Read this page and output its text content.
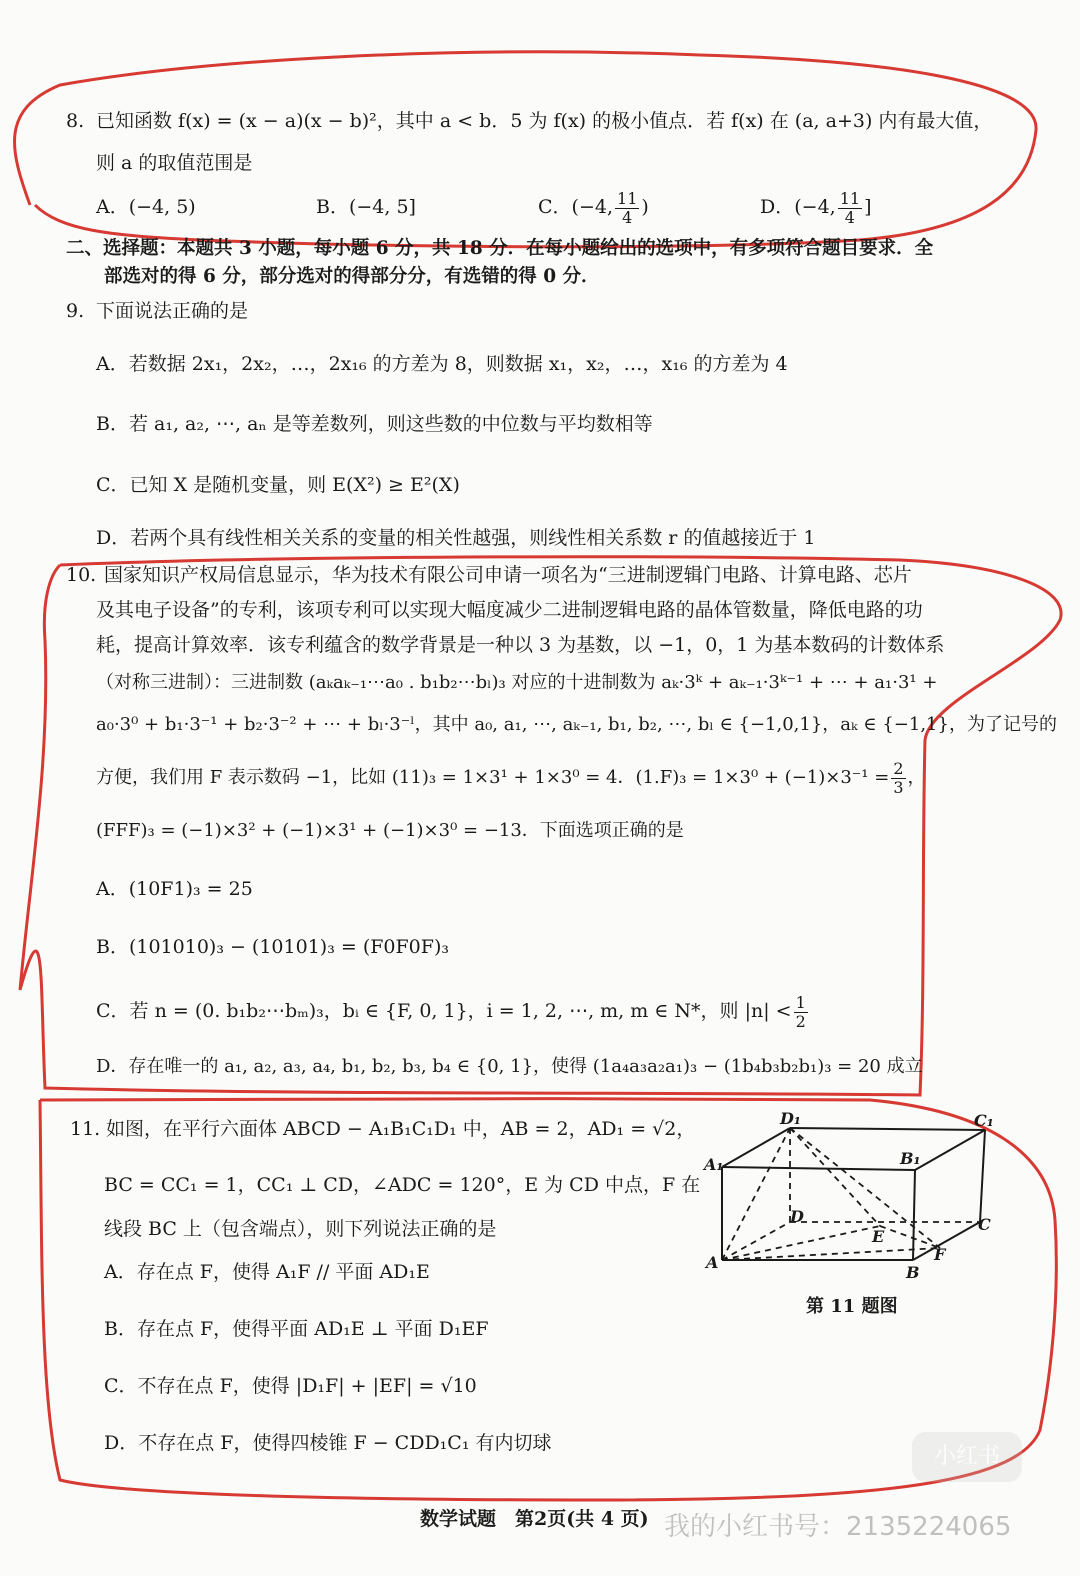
8. 已知函数 f(x) = (x − a)(x − b)²，其中 a < b．5 为 f(x) 的极小值点．若 f(x) 在 (a, a+3) 内有最大值，
则 a 的取值范围是
A．(−4, 5)	B．(−4, 5]	C．(−4, $\frac{11}{4}$ )	D．(−4, $\frac{11}{4}$ ]
二、选择题：本题共 3 小题，每小题 6 分，共 18 分．在每小题给出的选项中，有多项符合题目要求．全
部选对的得 6 分，部分选对的得部分分，有选错的得 0 分．
9. 下面说法正确的是
A．若数据 2x₁，2x₂，…，2x₁₆ 的方差为 8，则数据 x₁，x₂，…，x₁₆ 的方差为 4
B．若 a₁, a₂, ⋯, aₙ 是等差数列，则这些数的中位数与平均数相等
C．已知 X 是随机变量，则 E(X²) ≥ E²(X)
D．若两个具有线性相关关系的变量的相关性越强，则线性相关系数 r 的值越接近于 1
10. 国家知识产权局信息显示，华为技术有限公司申请一项名为“三进制逻辑门电路、计算电路、芯片
及其电子设备”的专利，该项专利可以实现大幅度减少二进制逻辑电路的晶体管数量，降低电路的功
耗，提高计算效率．该专利蕴含的数学背景是一种以 3 为基数，以 −1，0，1 为基本数码的计数体系
（对称三进制）：三进制数 (aₖaₖ₋₁⋯a₀ . b₁b₂⋯bₗ)₃ 对应的十进制数为 aₖ·3ᵏ + aₖ₋₁·3ᵏ⁻¹ + ⋯ + a₁·3¹ +
a₀·3⁰ + b₁·3⁻¹ + b₂·3⁻² + ⋯ + bₗ·3⁻ˡ，其中 a₀, a₁, ⋯, aₖ₋₁, b₁, b₂, ⋯, bₗ ∈ {−1,0,1}，aₖ ∈ {−1,1}，为了记号的
方便，我们用 F 表示数码 −1，比如 (11)₃ = 1×3¹ + 1×3⁰ = 4．$(1.F)_3 = 1\times 3^0 + (-1)\times 3^{-1} = \frac{2}{3}$ ，
(FFF)₃ = (−1)×3² + (−1)×3¹ + (−1)×3⁰ = −13．下面选项正确的是
A．(10F1)₃ = 25
B．(101010)₃ − (10101)₃ = (F0F0F)₃
C．若 n = (0. b₁b₂⋯bₘ)₃，bᵢ ∈ {F, 0, 1}，i = 1, 2, ⋯, m, m ∈ N*，则 $|n| < \frac{1}{2}$
D．存在唯一的 a₁, a₂, a₃, a₄, b₁, b₂, b₃, b₄ ∈ {0, 1}，使得 (1a₄a₃a₂a₁)₃ − (1b₄b₃b₂b₁)₃ = 20 成立
11. 如图，在平行六面体 ABCD − A₁B₁C₁D₁ 中，AB = 2，AD₁ = √2，
BC = CC₁ = 1，CC₁ ⊥ CD，∠ADC = 120°，E 为 CD 中点，F 在
线段 BC 上（包含端点），则下列说法正确的是
A．存在点 F，使得 A₁F // 平面 AD₁E
B．存在点 F，使得平面 AD₁E ⊥ 平面 D₁EF
C．不存在点 F，使得 |D₁F| + |EF| = √10
D．不存在点 F，使得四棱锥 F − CDD₁C₁ 有内切球
D₁	C₁
A₁	B₁
D
E
C
A
B
F
第 11 题图
数学试题　第2页(共 4 页)
小红书
我的小红书号：2135224065
